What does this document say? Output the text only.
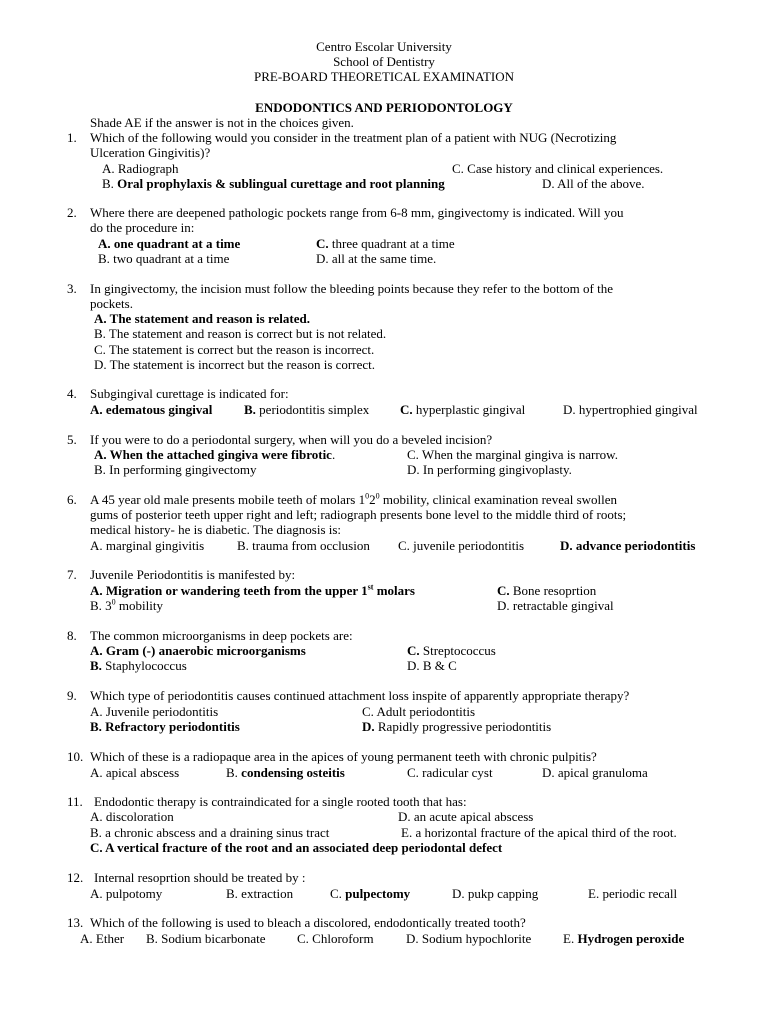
Centro Escolar University
School of Dentistry
PRE-BOARD THEORETICAL EXAMINATION
ENDODONTICS AND PERIODONTOLOGY
Shade AE if the answer is not in the choices given.
1. Which of the following would you consider in the treatment plan of a patient with NUG (Necrotizing
Ulceration Gingivitis)?
A. Radiograph	C. Case history and clinical experiences.
B. Oral prophylaxis & sublingual curettage and root planning	D. All of the above.
2. Where there are deepened pathologic pockets range from 6-8 mm, gingivectomy is indicated. Will you
do the procedure in:
A. one quadrant at a time	C. three quadrant at a time
B. two quadrant at a time	D. all at the same time.
3. In gingivectomy, the incision must follow the bleeding points because they refer to the bottom of the
pockets.
A. The statement and reason is related.
B. The statement and reason is correct but is not related.
C. The statement is correct but the reason is incorrect.
D. The statement is incorrect but the reason is correct.
4. Subgingival curettage is indicated for:
A. edematous gingival B. periodontitis simplex C. hyperplastic gingival	D. hypertrophied gingival
5. If you were to do a periodontal surgery, when will you do a beveled incision?
A. When the attached gingiva were fibrotic.	C. When the marginal gingiva is narrow.
B. In performing gingivectomy	D. In performing gingivoplasty.
6. A 45 year old male presents mobile teeth of molars $1^02^0$ mobility, clinical examination reveal swollen
gums of posterior teeth upper right and left; radiograph presents bone level to the middle third of roots;
medical history- he is diabetic. The diagnosis is:
A. marginal gingivitis	B. trauma from occlusion C. juvenile periodontitis	D. advance periodontitis
7. Juvenile Periodontitis is manifested by:
A. Migration or wandering teeth from the upper 1st molars	C. Bone resoprtion
B. $3^0$ mobility	D. retractable gingival
8. The common microorganisms in deep pockets are:
A. Gram (-) anaerobic microorganisms	C. Streptococcus
B. Staphylococcus	D. B & C
9. Which type of periodontitis causes continued attachment loss inspite of apparently appropriate therapy?
A. Juvenile periodontitis	C. Adult periodontitis
B. Refractory periodontitis	D. Rapidly progressive periodontitis
10. Which of these is a radiopaque area in the apices of young permanent teeth with chronic pulpitis?
A. apical abscess	B. condensing osteitis	C. radicular cyst	D. apical granuloma
11. Endodontic therapy is contraindicated for a single rooted tooth that has:
A. discoloration	D. an acute apical abscess
B. a chronic abscess and a draining sinus tract	E. a horizontal fracture of the apical third of the root.
C. A vertical fracture of the root and an associated deep periodontal defect
12. Internal resoprtion should be treated by :
A. pulpotomy	B. extraction	C. pulpectomy	D. pukp capping	E. periodic recall
13. Which of the following is used to bleach a discolored, endodontically treated tooth?
A. Ether B. Sodium bicarbonate C. Chloroform D. Sodium hypochlorite E. Hydrogen peroxide
